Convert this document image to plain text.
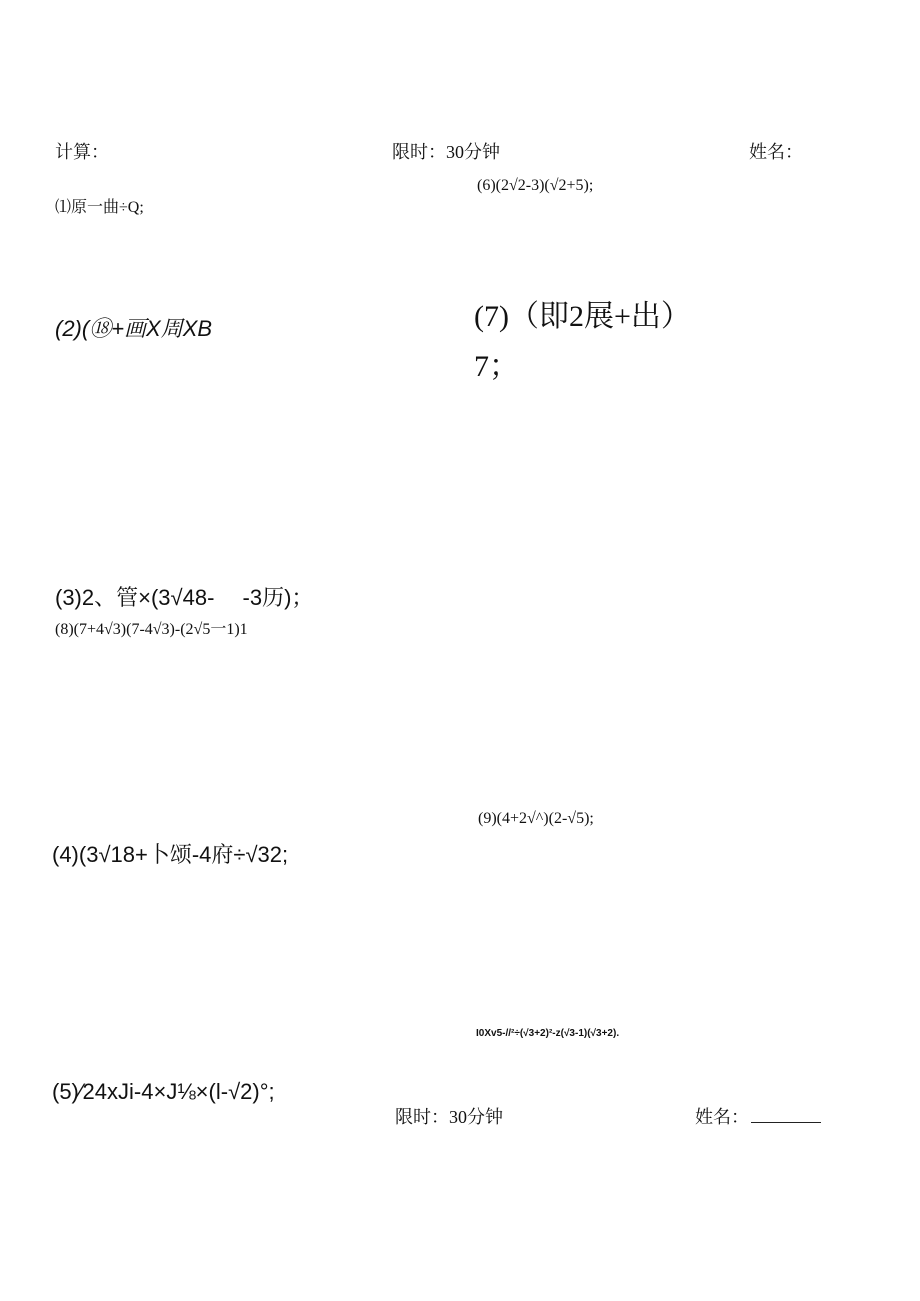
计算：	限时：30分钟	姓名：
(6)(2√2-3)(√2+5);
⑴原一曲÷Q;
(2)(⑱+画X周XB	(7)（即2展+出）
7；
(3)2、管×(3√48-　 -3历)；
(8)(7+4√3)(7-4√3)-(2√5一1)1
(9)(4+2√^)(2-√5);
(4)(3√18+卜颂-4府÷√32;
I0Xv5-//²÷(√3+2)²-z(√3-1)(√3+2).
(5)⁄24xJi-4×J⅛×(l-√2)°;
限时：30分钟	姓名：
